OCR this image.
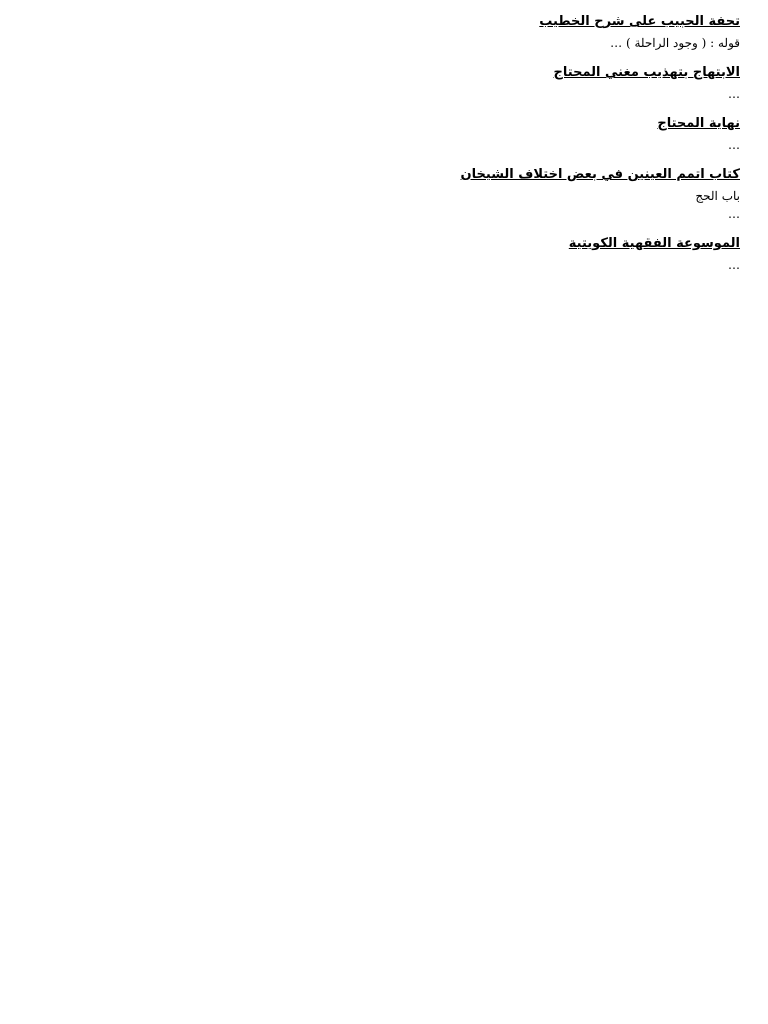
تحفة الحبيب على شرح الخطيب

قوله : ( وجود الراحلة ) …

الابتهاج بتهذيب مغني المحتاج

…

نهاية المحتاج

…

كتاب اتمم العينين في بعض اختلاف الشيخان

باب الحج

…

الموسوعة الفقهية الكويتية

…
